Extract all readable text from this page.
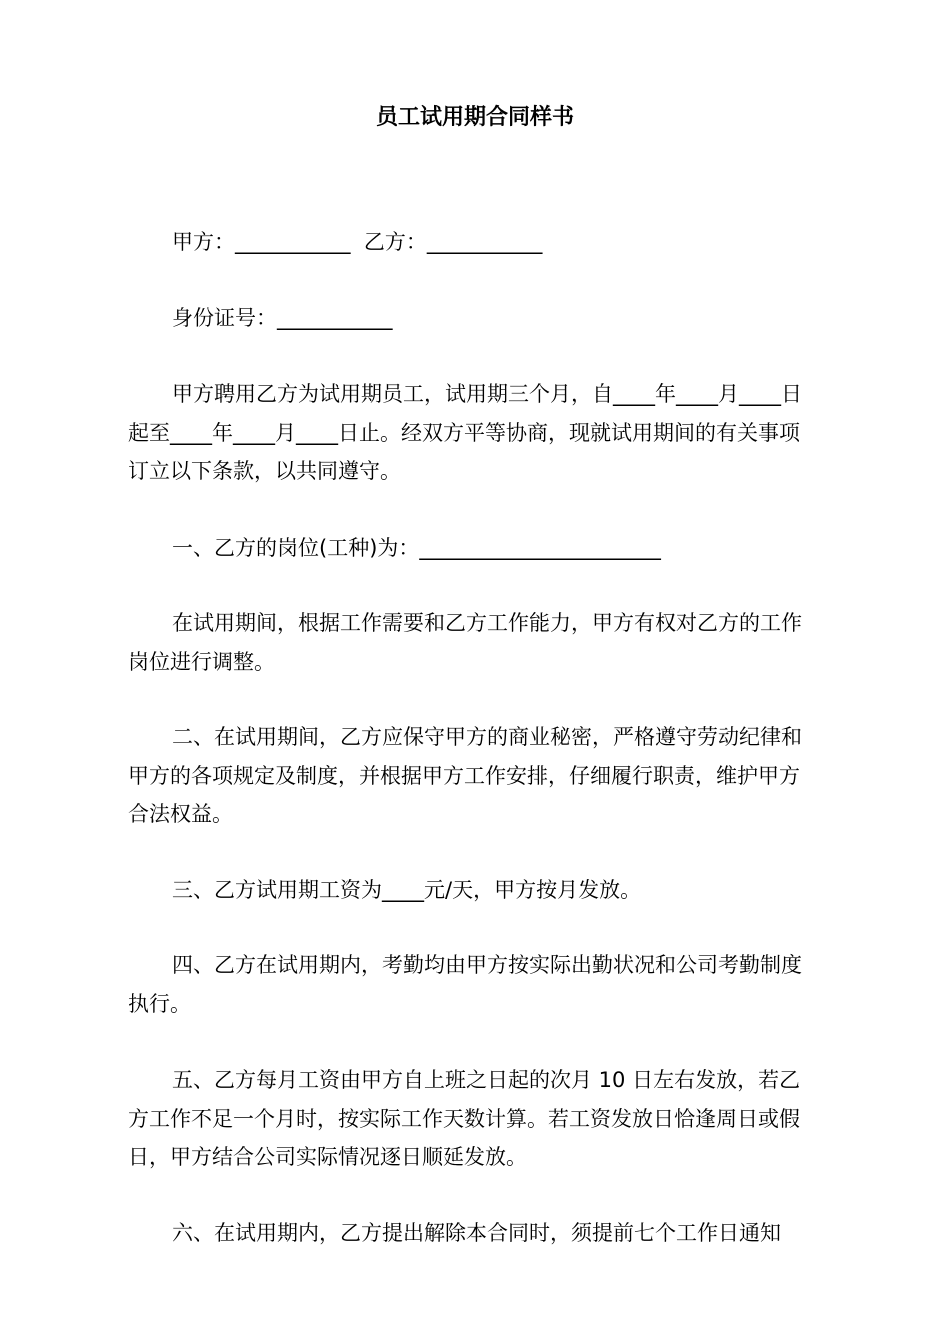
员工试用期合同样书
甲方：___________  乙方：___________
身份证号：___________
甲方聘用乙方为试用期员工，试用期三个月，自____年____月____日起至____年____月____日止。经双方平等协商，现就试用期间的有关事项订立以下条款，以共同遵守。
一、乙方的岗位(工种)为：_______________________
在试用期间，根据工作需要和乙方工作能力，甲方有权对乙方的工作岗位进行调整。
二、在试用期间，乙方应保守甲方的商业秘密，严格遵守劳动纪律和甲方的各项规定及制度，并根据甲方工作安排，仔细履行职责，维护甲方合法权益。
三、乙方试用期工资为____元/天，甲方按月发放。
四、乙方在试用期内，考勤均由甲方按实际出勤状况和公司考勤制度执行。
五、乙方每月工资由甲方自上班之日起的次月 10 日左右发放，若乙方工作不足一个月时，按实际工作天数计算。若工资发放日恰逢周日或假日，甲方结合公司实际情况逐日顺延发放。
六、在试用期内，乙方提出解除本合同时，须提前七个工作日通知
